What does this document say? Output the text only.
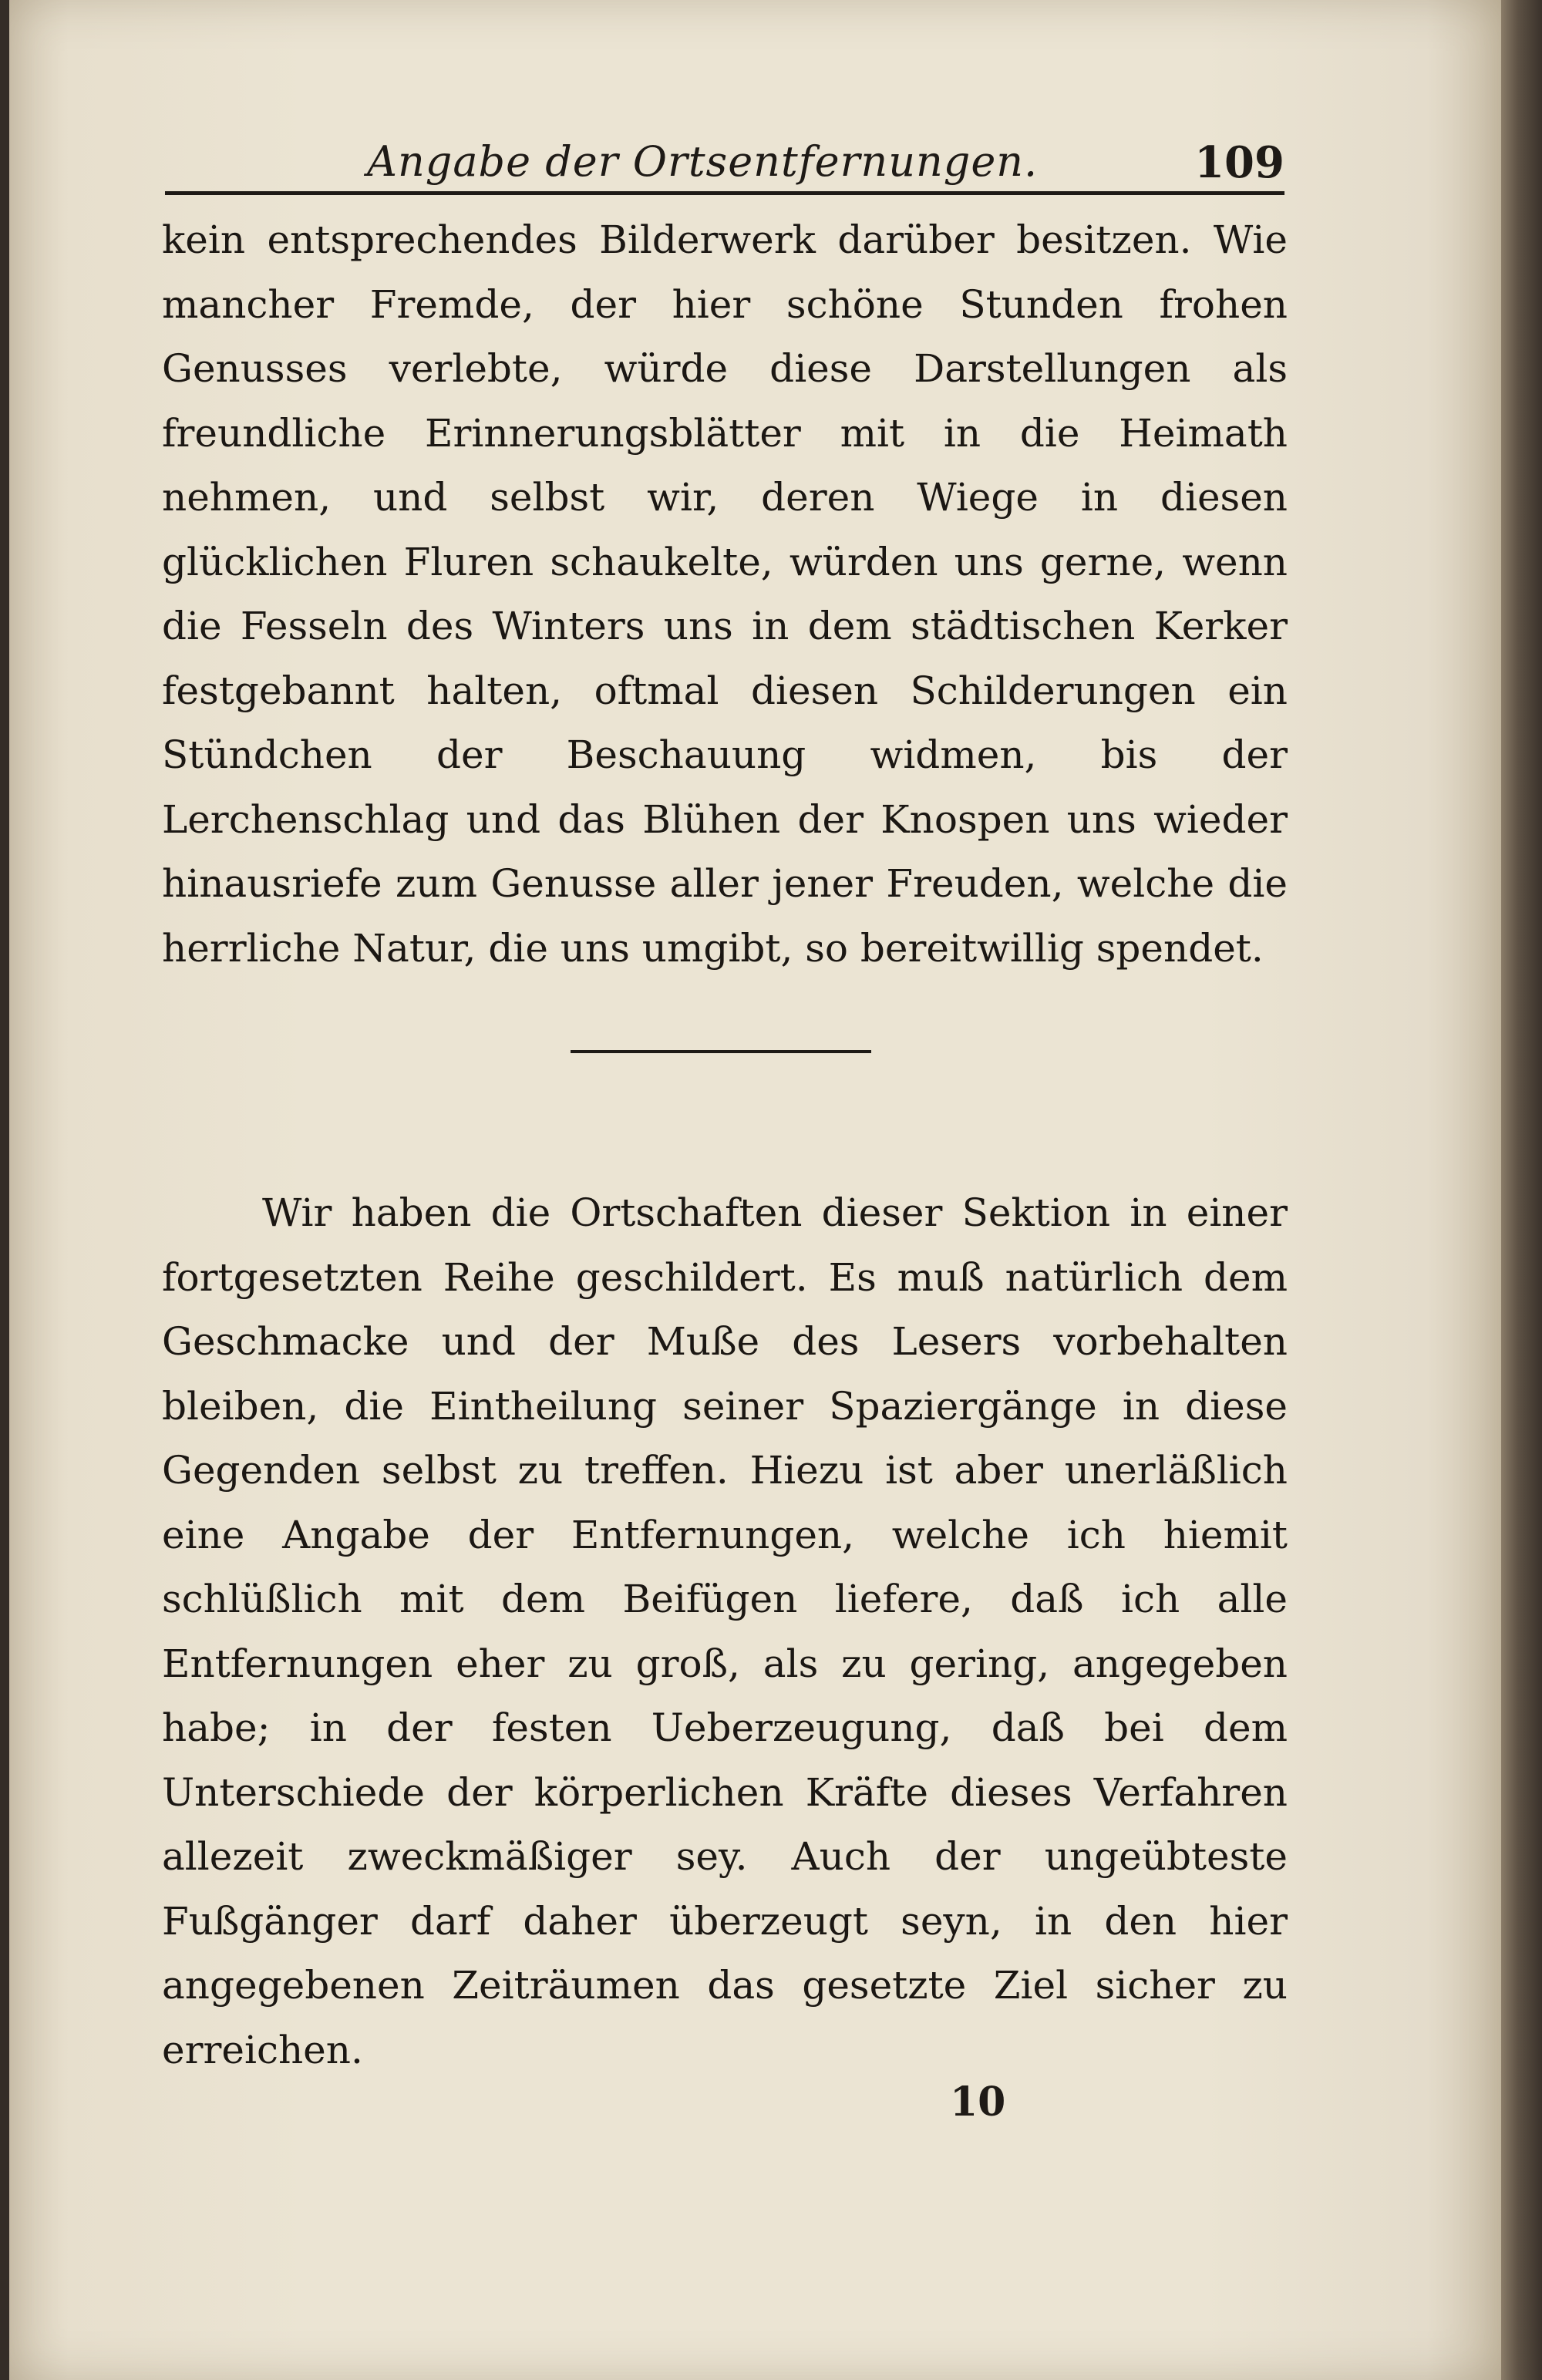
Angabe der Ortsentfernungen.	109

kein entsprechendes Bilderwerk darüber besitzen. Wie mancher Fremde, der hier schöne Stunden frohen Genusses verlebte, würde diese Darstellungen als freundliche Erinnerungsblätter mit in die Heimath nehmen, und selbst wir, deren Wiege in diesen glücklichen Fluren schaukelte, würden uns gerne, wenn die Fesseln des Winters uns in dem städtischen Kerker festgebannt halten, oftmal diesen Schilderungen ein Stündchen der Beschauung widmen, bis der Lerchenschlag und das Blühen der Knospen uns wieder hinausriefe zum Genusse aller jener Freuden, welche die herrliche Natur, die uns umgibt, so bereitwillig spendet.

Wir haben die Ortschaften dieser Sektion in einer fortgesetzten Reihe geschildert. Es muß natürlich dem Geschmacke und der Muße des Lesers vorbehalten bleiben, die Eintheilung seiner Spaziergänge in diese Gegenden selbst zu treffen. Hiezu ist aber unerläßlich eine Angabe der Entfernungen, welche ich hiemit schlüßlich mit dem Beifügen liefere, daß ich alle Entfernungen eher zu groß, als zu gering, angegeben habe; in der festen Ueberzeugung, daß bei dem Unterschiede der körperlichen Kräfte dieses Verfahren allezeit zweckmäßiger sey. Auch der ungeübteste Fußgänger darf daher überzeugt seyn, in den hier angegebenen Zeiträumen das gesetzte Ziel sicher zu erreichen.

10
